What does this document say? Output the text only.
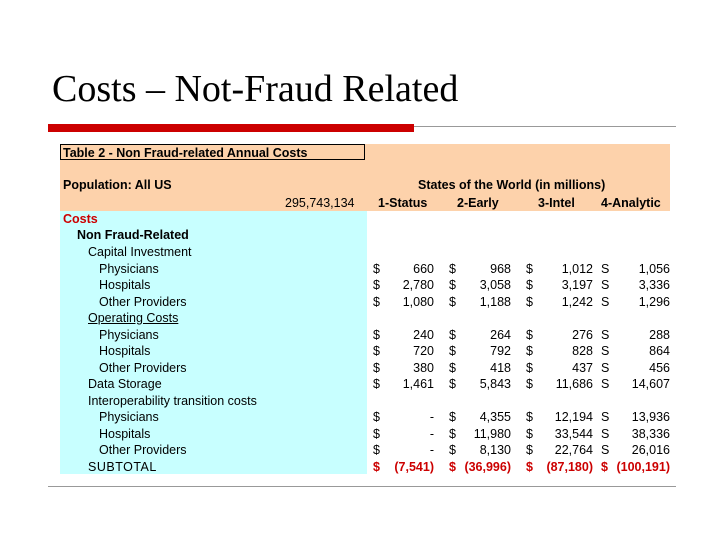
Costs – Not-Fraud Related
Table 2 - Non Fraud-related Annual Costs
Population: All US
295,743,134
States of the World (in millions)
1-Status 2-Early	3-Intel 4-Analytic
Costs
Non Fraud-Related
Capital Investment
Physicians	$	660 $	968 $	1,012 S	1,056
Hospitals	$	2,780 $	3,058 $	3,197 S	3,336
Other Providers	$	1,080 $	1,188 $	1,242 S	1,296
Operating Costs
Physicians	$	240 $	264 $	276 S	288
Hospitals	$	720 $	792 $	828 S	864
Other Providers	$	380 $	418 $	437 S	456
Data Storage	$	1,461 $	5,843 $	11,686 S	14,607
Interoperability transition costs
Physicians	$	- $	4,355 $	12,194 S	13,936
Hospitals	$	- $	11,980 $	33,544 S	38,336
Other Providers	$	- $	8,130 $	22,764 S	26,016
SUBTOTAL	$	(7,541) $ (36,996) $	(87,180) $ (100,191)
